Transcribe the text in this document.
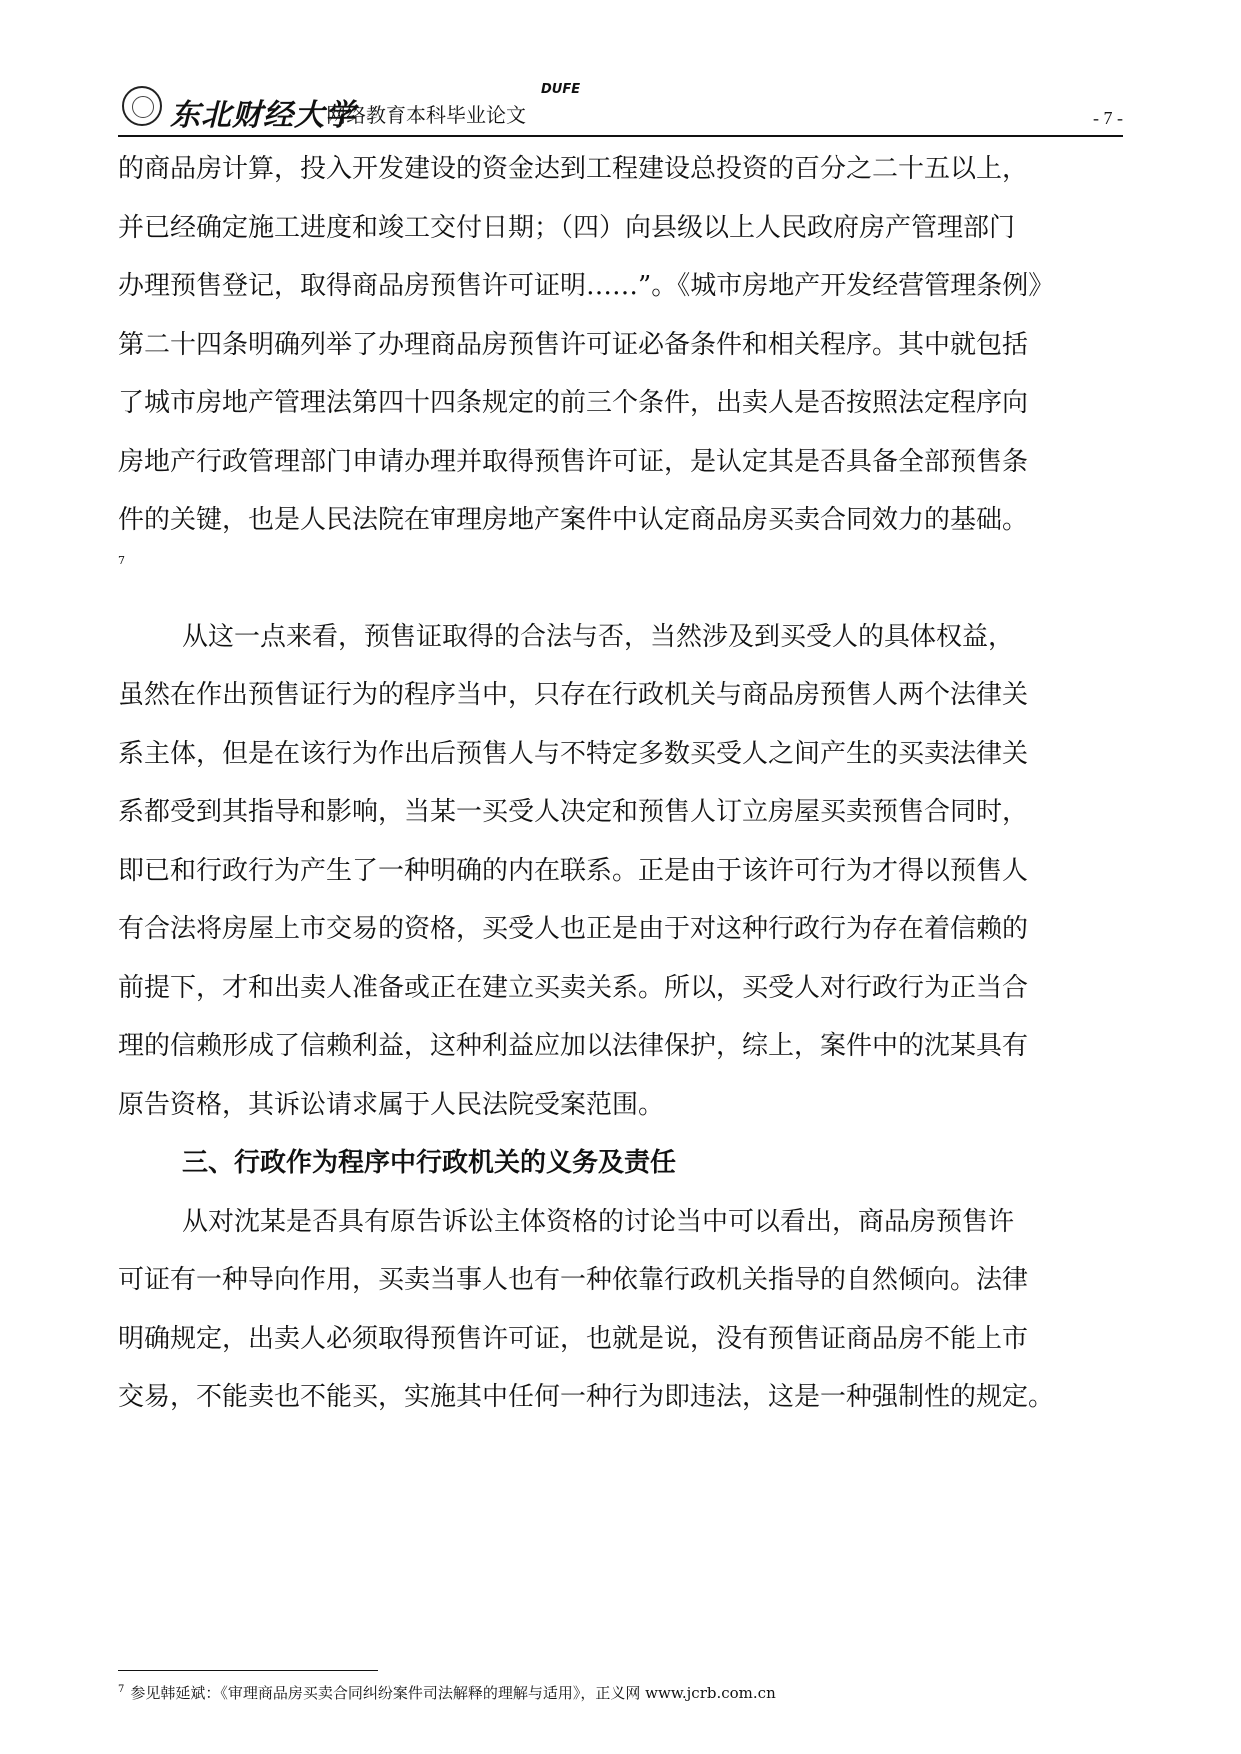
东北财经大学
网络教育本科毕业论文
DUFE
- 7 -
的商品房计算，投入开发建设的资金达到工程建设总投资的百分之二十五以上，
并已经确定施工进度和竣工交付日期；（四）向县级以上人民政府房产管理部门
办理预售登记，取得商品房预售许可证明……”。《城市房地产开发经营管理条例》
第二十四条明确列举了办理商品房预售许可证必备条件和相关程序。其中就包括
了城市房地产管理法第四十四条规定的前三个条件，出卖人是否按照法定程序向
房地产行政管理部门申请办理并取得预售许可证，是认定其是否具备全部预售条
件的关键，也是人民法院在审理房地产案件中认定商品房买卖合同效力的基础。
7
从这一点来看，预售证取得的合法与否，当然涉及到买受人的具体权益，
虽然在作出预售证行为的程序当中，只存在行政机关与商品房预售人两个法律关
系主体，但是在该行为作出后预售人与不特定多数买受人之间产生的买卖法律关
系都受到其指导和影响，当某一买受人决定和预售人订立房屋买卖预售合同时，
即已和行政行为产生了一种明确的内在联系。正是由于该许可行为才得以预售人
有合法将房屋上市交易的资格，买受人也正是由于对这种行政行为存在着信赖的
前提下，才和出卖人准备或正在建立买卖关系。所以，买受人对行政行为正当合
理的信赖形成了信赖利益，这种利益应加以法律保护，综上，案件中的沈某具有
原告资格，其诉讼请求属于人民法院受案范围。
三、行政作为程序中行政机关的义务及责任
从对沈某是否具有原告诉讼主体资格的讨论当中可以看出，商品房预售许
可证有一种导向作用，买卖当事人也有一种依靠行政机关指导的自然倾向。法律
明确规定，出卖人必须取得预售许可证，也就是说，没有预售证商品房不能上市
交易，不能卖也不能买，实施其中任何一种行为即违法，这是一种强制性的规定。
$^7$ 参见韩延斌：《审理商品房买卖合同纠纷案件司法解释的理解与适用》，正义网 www.jcrb.com.cn
